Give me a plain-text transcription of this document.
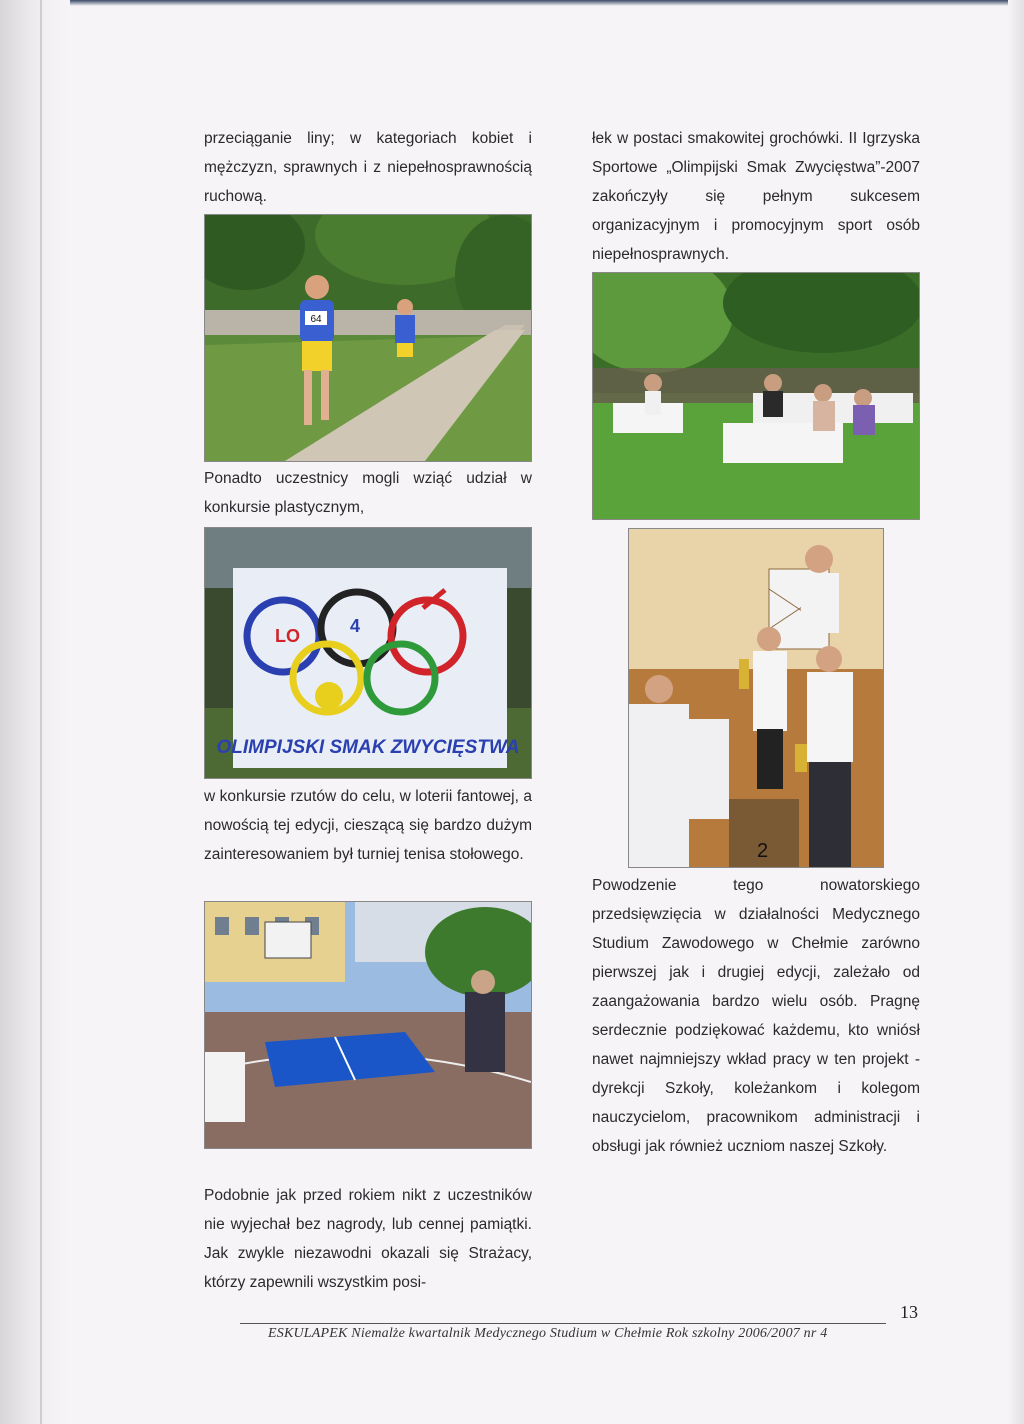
przeciąganie liny; w kategoriach kobiet i mężczyzn, sprawnych i z niepełnosprawnością ruchową.

64

Ponadto uczestnicy mogli wziąć udział w konkursie plastycznym,

LO	4
OLIMPIJSKI SMAK ZWYCIĘSTWA

w konkursie rzutów do celu, w loterii fantowej, a nowością tej edycji, cieszącą się bardzo dużym zainteresowaniem był turniej tenisa stołowego.

Podobnie jak przed rokiem nikt z uczestników nie wyjechał bez nagrody, lub cennej pamiątki. Jak zwykle niezawodni okazali się Strażacy, którzy zapewnili wszystkim posi-

łek w postaci smakowitej grochówki. II Igrzyska Sportowe „Olimpijski Smak Zwycięstwa”-2007 zakończyły się pełnym sukcesem organizacyjnym i promocyjnym sport osób niepełnosprawnych.

2

Powodzenie tego nowatorskiego przedsięwzięcia w działalności Medycznego Studium Zawodowego w Chełmie zarówno pierwszej jak i drugiej edycji, zależało od zaangażowania bardzo wielu osób. Pragnę serdecznie podziękować każdemu, kto wniósł nawet najmniejszy wkład pracy w ten projekt - dyrekcji Szkoły, koleżankom i kolegom nauczycielom, pracownikom administracji i obsługi jak również uczniom naszej Szkoły.

13
ESKULAPEK Niemalże kwartalnik Medycznego Studium w Chełmie Rok szkolny 2006/2007 nr 4
